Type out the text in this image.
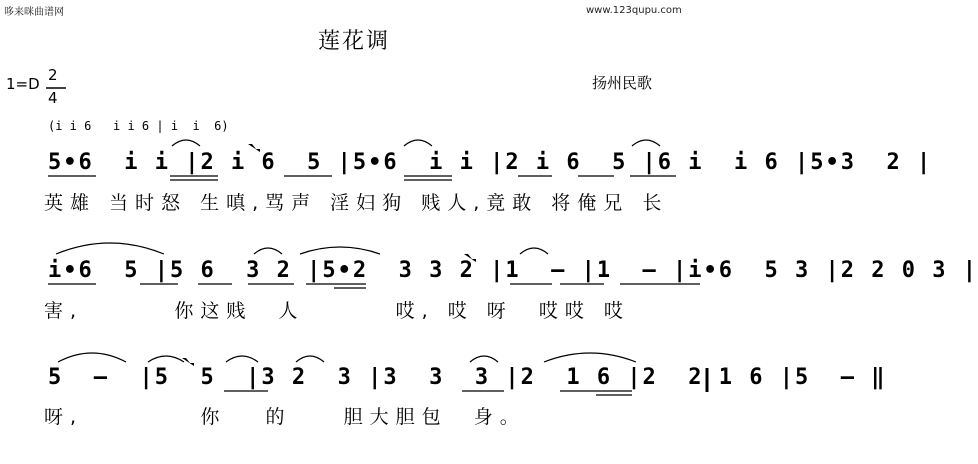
哆来咪曲谱网	www.123qupu.com
莲花调
1=D 2
4
扬州民歌
(i i 6   i i 6 | i  i  6)
5•6  i i |2 i 6  5 |5•6  i i |2 i 6  5 |6 i  i 6 |5•3  2 |
英雄 当时怒 生嗔,骂声 淫妇狗 贱人,竟敢 将俺兄 长
i•6  5 |5 6  3 2 |5•2  3 3 2 |1  – |1  – |i•6  5 3 |2 2 0 3 |
害,       你这贱  人       哎, 哎 呀  哎哎 哎
5  –  |5  5  |3 2  3 |3  3  3 |2  1 6 |2  2 1 6 |5  – ‖
呀,         你   的    胆大胆包  身。
